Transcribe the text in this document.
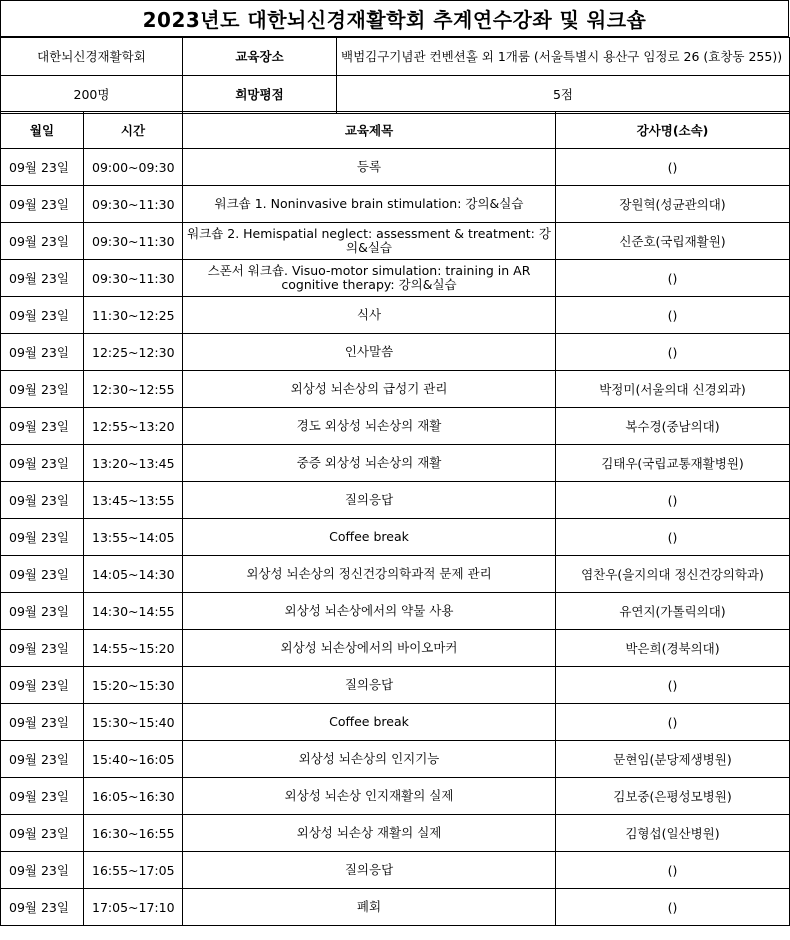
2023년도 대한뇌신경재활학회 추계연수강좌 및 워크숍
대한뇌신경재활학회	교육장소	백범김구기념관 컨벤션홀 외 1개룸 (서울특별시 용산구 임정로 26 (효창동 255))
200명	희망평점	5점
월일	시간	교육제목	강사명(소속)
09월 23일	09:00~09:30	등록	()
09월 23일	09:30~11:30	워크숍 1. Noninvasive brain stimulation: 강의&실습	장원혁(성균관의대)
09월 23일	09:30~11:30	워크숍 2. Hemispatial neglect: assessment & treatment: 강의&실습	신준호(국립재활원)
09월 23일	09:30~11:30	스폰서 워크숍. Visuo-motor simulation: training in AR cognitive therapy: 강의&실습	()
09월 23일	11:30~12:25	식사	()
09월 23일	12:25~12:30	인사말씀	()
09월 23일	12:30~12:55	외상성 뇌손상의 급성기 관리	박정미(서울의대 신경외과)
09월 23일	12:55~13:20	경도 외상성 뇌손상의 재활	복수경(중남의대)
09월 23일	13:20~13:45	중증 외상성 뇌손상의 재활	김태우(국립교통재활병원)
09월 23일	13:45~13:55	질의응답	()
09월 23일	13:55~14:05	Coffee break	()
09월 23일	14:05~14:30	외상성 뇌손상의 정신건강의학과적 문제 관리	염찬우(을지의대 정신건강의학과)
09월 23일	14:30~14:55	외상성 뇌손상에서의 약물 사용	유연지(가톨릭의대)
09월 23일	14:55~15:20	외상성 뇌손상에서의 바이오마커	박은희(경북의대)
09월 23일	15:20~15:30	질의응답	()
09월 23일	15:30~15:40	Coffee break	()
09월 23일	15:40~16:05	외상성 뇌손상의 인지기능	문현임(분당제생병원)
09월 23일	16:05~16:30	외상성 뇌손상 인지재활의 실제	김보중(은평성모병원)
09월 23일	16:30~16:55	외상성 뇌손상 재활의 실제	김형섭(일산병원)
09월 23일	16:55~17:05	질의응답	()
09월 23일	17:05~17:10	폐회	()
